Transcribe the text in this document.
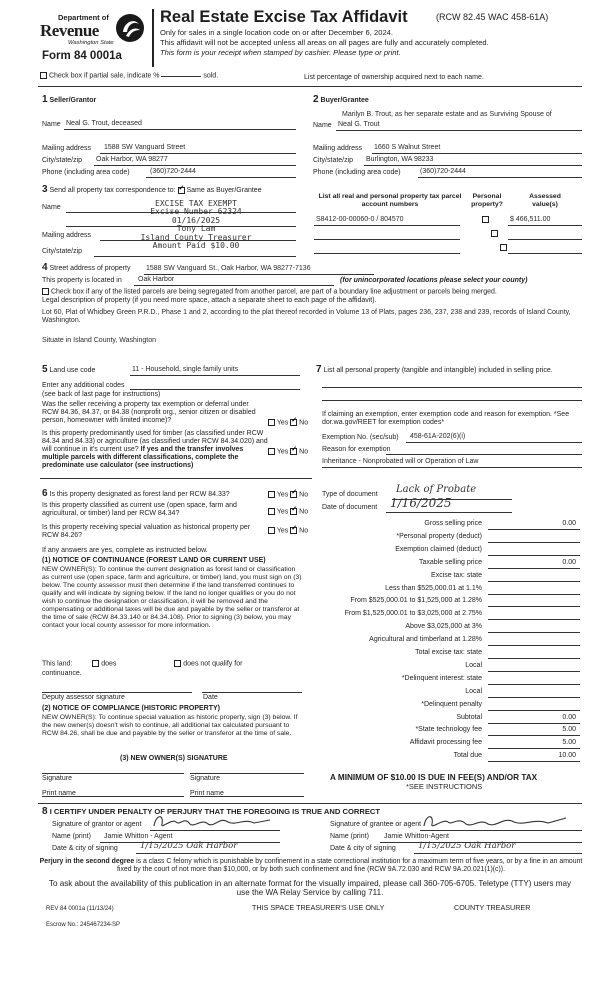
Department of
Revenue
Washington State
Form 84 0001a
Real Estate Excise Tax Affidavit	(RCW 82.45 WAC 458-61A)
Only for sales in a single location code on or after December 6, 2024.
This affidavit will not be accepted unless all areas on all pages are fully and accurately completed.
This form is your receipt when stamped by cashier. Please type or print.
Check box if partial sale, indicate %	sold.	List percentage of ownership acquired next to each name.
1 Seller/Grantor
Name Neal G. Trout, deceased
Mailing address 1588 SW Vanguard Street
City/state/zip Oak Harbor, WA 98277
Phone (including area code)	(360)720-2444
2 Buyer/Grantee
Marilyn B. Trout, as her separate estate and as Surviving Spouse of
Name Neal G. Trout
Mailing address 1660 S Walnut Street
City/state/zip Burlington, WA 98233
Phone (including area code)	(360)720-2444
3 Send all property tax correspondence to: ✓ Same as Buyer/Grantee
Name
Mailing address
City/state/zip
EXCISE TAX EXEMPT
Excise Number 62324
01/16/2025
Tony Lam
Island County Treasurer
Amount Paid $10.00
List all real and personal property tax parcel account numbers
Personal property?
Assessed value(s)
S8412-00-00060-0 / 804570
	$ 466,511.00
4 Street address of property 1588 SW Vanguard St., Oak Harbor, WA 98277-7136
This property is located in Oak Harbor	(for unincorporated locations please select your county)
Check box if any of the listed parcels are being segregated from another parcel, are part of a boundary line adjustment or parcels being merged.
Legal description of property (if you need more space, attach a separate sheet to each page of the affidavit).
Lot 60, Plat of Whidbey Green P.R.D., Phase 1 and 2, according to the plat thereof recorded in Volume 13 of Plats, pages 236, 237, 238 and 239, records of Island County, Washington.
Situate in Island County, Washington
5 Land use code	11 - Household, single family units
Enter any additional codes
(see back of last page for instructions)
Was the seller receiving a property tax exemption or deferral under RCW 84.36, 84.37, or 84.38 (nonprofit org., senior citizen or disabled person, homeowner with limited income)?	Yes ✓ No
Is this property predominantly used for timber (as classified under RCW 84.34 and 84.33) or agriculture (as classified under RCW 84.34.020) and will continue in it's current use? If yes and the transfer involves multiple parcels with different classifications, complete the predominate use calculator (see instructions)
Yes ✓ No
7 List all personal property (tangible and intangible) included in selling price.
If claiming an exemption, enter exemption code and reason for exemption. *See dor.wa.gov/REET for exemption codes*
Exemption No. (sec/sub) 458-61A-202(6)(i)
Reason for exemption
Inheritance - Nonprobated will or Operation of Law
6 Is this property designated as forest land per RCW 84.33?	Yes ✓ No
Is this property classified as current use (open space, farm and agricultural, or timber) land per RCW 84.34?	Yes ✓ No
Is this property receiving special valuation as historical property per RCW 84.26?
Yes ✓ No
If any answers are yes, complete as instructed below.
(1) NOTICE OF CONTINUANCE (FOREST LAND OR CURRENT USE)
NEW OWNER(S): To continue the current designation as forest land or classification as current use (open space, farm and agriculture, or timber) land, you must sign on (3) below. The county assessor must then determine if the land transferred continues to qualify and will indicate by signing below. If the land no longer qualifies or you do not wish to continue the designation or classification, it will be removed and the compensating or additional taxes will be due and payable by the seller or transferor at the time of sale (RCW 84.33.140 or 84.34.108). Prior to signing (3) below, you may contact your local county assessor for more information.
This land:	does	does not qualify for
continuance.
Deputy assessor signature	Date
(2) NOTICE OF COMPLIANCE (HISTORIC PROPERTY)
NEW OWNER(S): To continue special valuation as historic property, sign (3) below. If the new owner(s) doesn't wish to continue, all additional tax calculated pursuant to RCW 84.26, shall be due and payable by the seller or transferor at the time of sale.
(3) NEW OWNER(S) SIGNATURE
Signature	Signature
Print name	Print name
Type of document Lack of Probate
Date of document 1/16/2025
Gross selling price	0.00
*Personal property (deduct)
Exemption claimed (deduct)
Taxable selling price	0.00
Excise tax: state
Less than $525,000.01 at 1.1%
From $525,000.01 to $1,525,000 at 1.28%
From $1,525,000.01 to $3,025,000 at 2.75%
Above $3,025,000 at 3%
Agricultural and timberland at 1.28%
Total excise tax: state
Local
*Delinquent interest: state
Local
*Delinquent penalty
Subtotal	0.00
*State technology fee	5.00
Affidavit processing fee	5.00
Total due	10.00
A MINIMUM OF $10.00 IS DUE IN FEE(S) AND/OR TAX
*SEE INSTRUCTIONS
8 I CERTIFY UNDER PENALTY OF PERJURY THAT THE FOREGOING IS TRUE AND CORRECT
Signature of grantor or agent
Name (print) Jamie Whitton - Agent
Date & city of signing	1/15/2025 Oak Harbor
Signature of grantee or agent
Name (print) Jamie Whitton-Agent
Date & city of signing	1/15/2025 Oak Harbor
Perjury in the second degree is a class C felony which is punishable by confinement in a state correctional institution for a maximum term of five years, or by a fine in an amount fixed by the court of not more than $10,000, or by both such confinement and fine (RCW 9A.72.030 and RCW 9A.20.021(1)(c)).
To ask about the availability of this publication in an alternate format for the visually impaired, please call 360-705-6705. Teletype (TTY) users may use the WA Relay Service by calling 711.
REV 84 0001a (11/13/24)	THIS SPACE TREASURER'S USE ONLY	COUNTY TREASURER
Escrow No.: 245467234-SP
